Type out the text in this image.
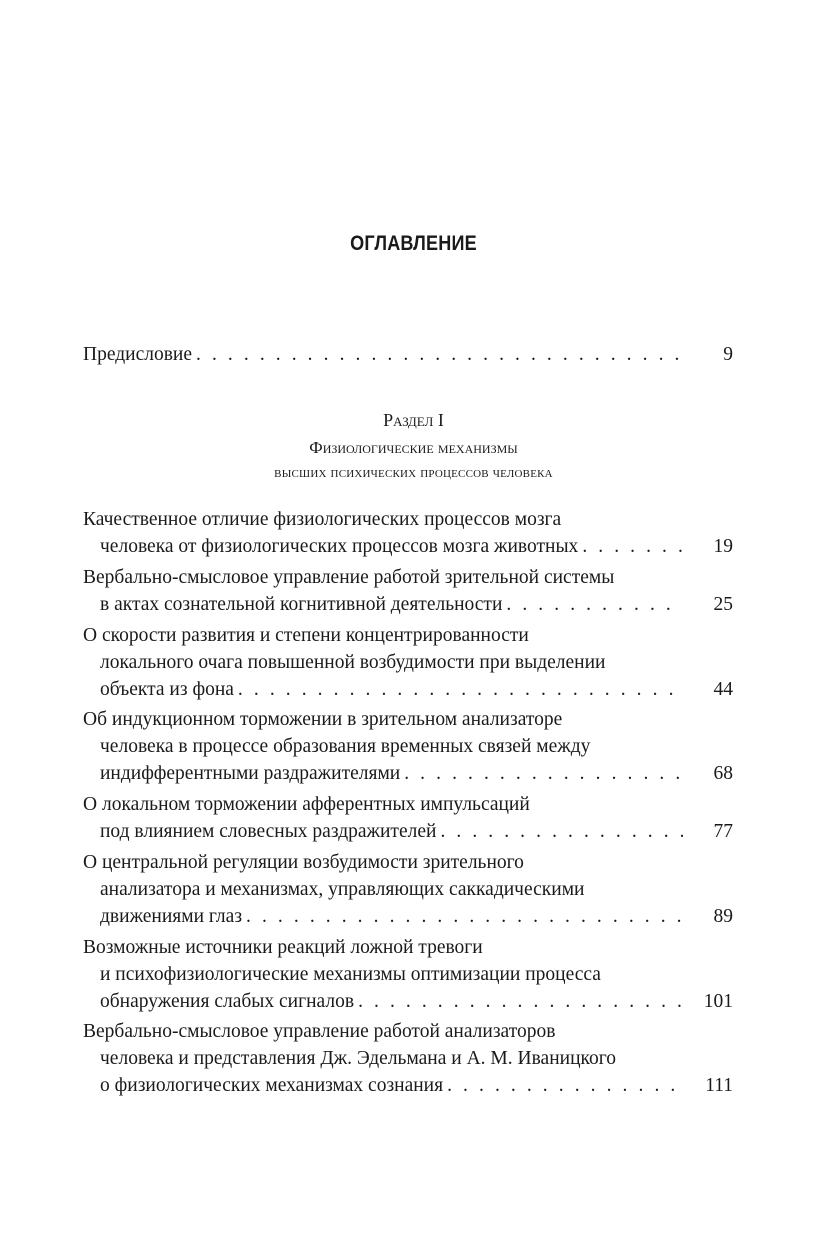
ОГЛАВЛЕНИЕ
Предисловие . . .	9
Раздел I
Физиологические механизмы
высших психических процессов человека
Качественное отличие физиологических процессов мозга
человека от физиологических процессов мозга животных . . .	19
Вербально-смысловое управление работой зрительной системы
в актах сознательной когнитивной деятельности . . .	25
О скорости развития и степени концентрированности
локального очага повышенной возбудимости при выделении
объекта из фона . . .	44
Об индукционном торможении в зрительном анализаторе
человека в процессе образования временных связей между
индифферентными раздражителями . . .	68
О локальном торможении афферентных импульсаций
под влиянием словесных раздражителей . . .	77
О центральной регуляции возбудимости зрительного
анализатора и механизмах, управляющих саккадическими
движениями глаз . . .	89
Возможные источники реакций ложной тревоги
и психофизиологические механизмы оптимизации процесса
обнаружения слабых сигналов . . .	101
Вербально-смысловое управление работой анализаторов
человека и представления Дж. Эдельмана и А. М. Иваницкого
о физиологических механизмах сознания . . .	111
